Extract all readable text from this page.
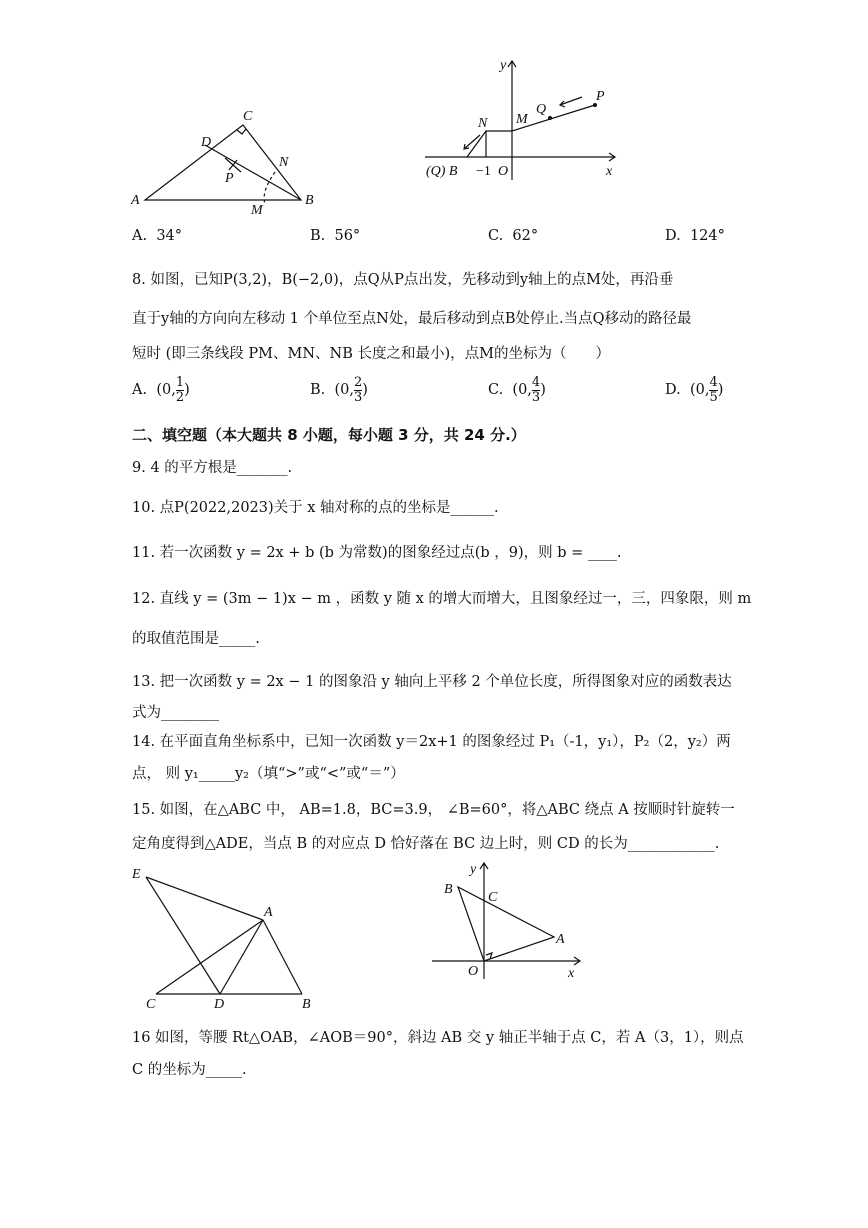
A	B
C
D
P
N
M
y
x
P
Q
M
N
(Q) B −1 O
A. 34°	B. 56°	C. 62°	D. 124°
8. 如图，已知P(3,2)，B(−2,0)，点Q从P点出发，先移动到y轴上的点M处，再沿垂
直于y轴的方向向左移动 1 个单位至点N处，最后移动到点B处停止.当点Q移动的路径最
短时 (即三条线段 PM、MN、NB 长度之和最小)，点M的坐标为（　　）
A. (0, $\frac{1}{2}$ )	B. (0, $\frac{2}{3}$ )	C. (0, $\frac{4}{3}$ )	D. (0, $\frac{4}{5}$ )
二、填空题（本大题共 8 小题，每小题 3 分，共 24 分.）
9. 4 的平方根是_______.
10. 点P(2022,2023)关于 x 轴对称的点的坐标是______.
11. 若一次函数 y = 2x + b (b 为常数)的图象经过点(b ，9)，则 b = ____.
12. 直线 y = (3m − 1)x − m ，函数 y 随 x 的增大而增大，且图象经过一，三，四象限，则 m
的取值范围是_____.
13. 把一次函数 y = 2x − 1 的图象沿 y 轴向上平移 2 个单位长度，所得图象对应的函数表达
式为________
14. 在平面直角坐标系中，已知一次函数 y＝2x+1 的图象经过 P₁（-1，y₁），P₂（2，y₂）两
点， 则 y₁_____y₂（填“>”或“<”或“＝”）
15. 如图，在△ABC 中， AB=1.8，BC=3.9， ∠B=60°，将△ABC 绕点 A 按顺时针旋转一
定角度得到△ADE，当点 B 的对应点 D 恰好落在 BC 边上时，则 CD 的长为____________.
E
A
C	D	B
y
x
B
C
A
O
16 如图，等腰 Rt△OAB，∠AOB＝90°，斜边 AB 交 y 轴正半轴于点 C，若 A（3，1），则点
C 的坐标为_____.
